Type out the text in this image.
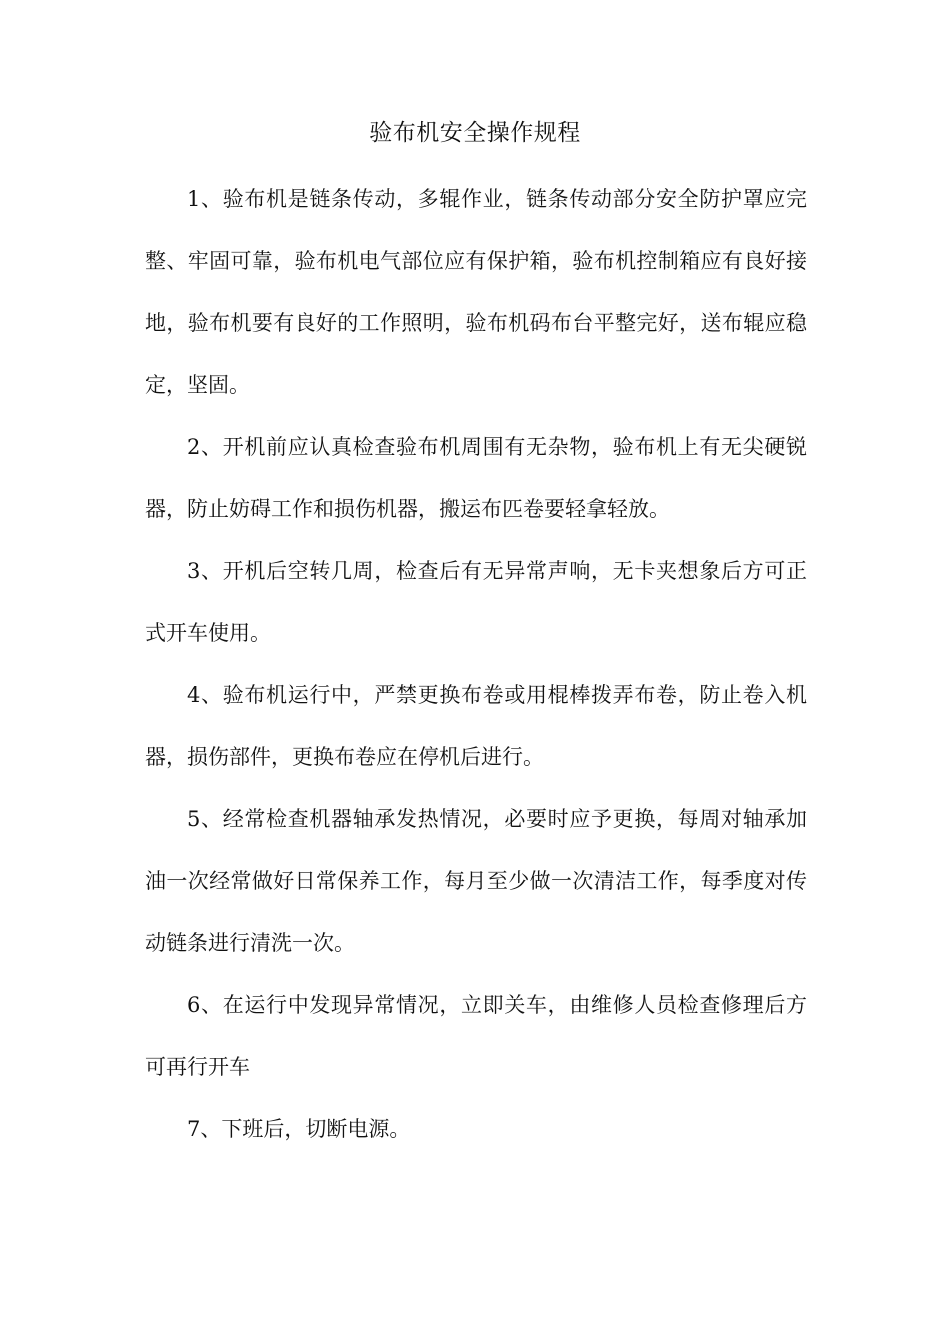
验布机安全操作规程

1、验布机是链条传动，多辊作业，链条传动部分安全防护罩应完整、牢固可靠，验布机电气部位应有保护箱，验布机控制箱应有良好接地，验布机要有良好的工作照明，验布机码布台平整完好，送布辊应稳定，坚固。

2、开机前应认真检查验布机周围有无杂物，验布机上有无尖硬锐器，防止妨碍工作和损伤机器，搬运布匹卷要轻拿轻放。

3、开机后空转几周，检查后有无异常声响，无卡夹想象后方可正式开车使用。

4、验布机运行中，严禁更换布卷或用棍棒拨弄布卷，防止卷入机器，损伤部件，更换布卷应在停机后进行。

5、经常检查机器轴承发热情况，必要时应予更换，每周对轴承加油一次经常做好日常保养工作，每月至少做一次清洁工作，每季度对传动链条进行清洗一次。

6、在运行中发现异常情况，立即关车，由维修人员检查修理后方可再行开车

7、下班后，切断电源。
